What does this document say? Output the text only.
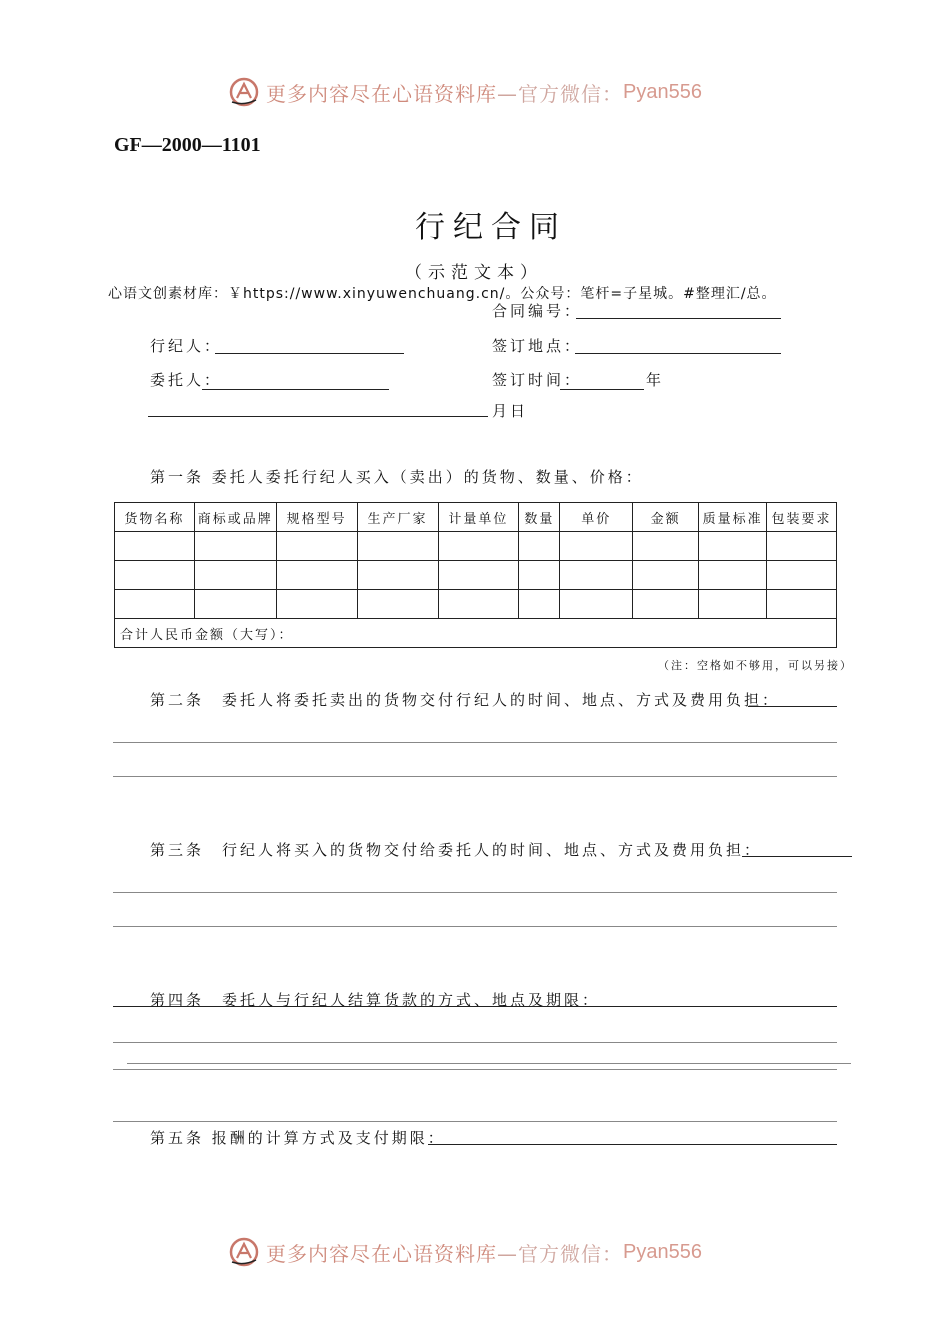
更多内容尽在心语资料库 —官方微信： Pyan556
GF—2000—1101
行纪合同
（示范文本）
心语文创素材库：￥https://www.xinyuwenchuang.cn/。公众号：笔杆=子星城。#整理汇/总。
合同编号：
行纪人：	签订地点：
委托人：	签订时间：	年
月日
第一条 委托人委托行纪人买入（卖出）的货物、数量、价格：
货物名称	商标或品牌	规格型号	生产厂家	计量单位	数量	单价	金额	质量标准	包装要求

合计人民币金额（大写）：									
（注：空格如不够用，可以另接）
第二条　委托人将委托卖出的货物交付行纪人的时间、地点、方式及费用负担：
第三条　行纪人将买入的货物交付给委托人的时间、地点、方式及费用负担：
第四条　委托人与行纪人结算货款的方式、地点及期限：
第五条 报酬的计算方式及支付期限：
更多内容尽在心语资料库 —官方微信： Pyan556
